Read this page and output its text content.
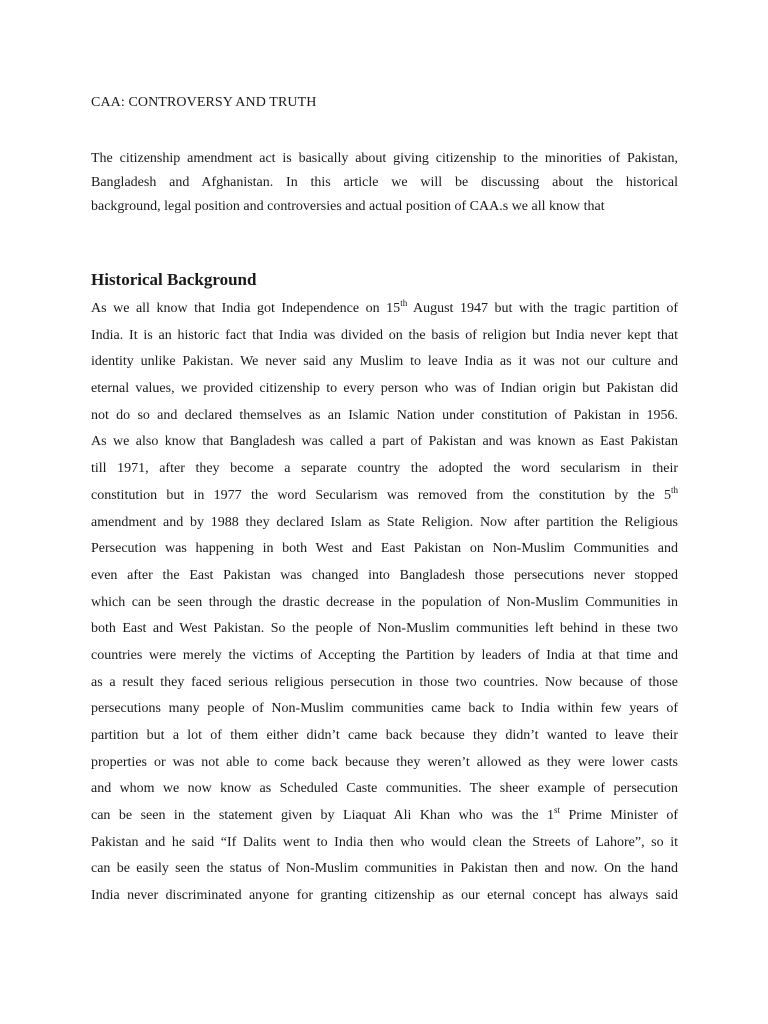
CAA: CONTROVERSY AND TRUTH
The citizenship amendment act is basically about giving citizenship to the minorities of Pakistan,
Bangladesh and Afghanistan. In this article we will be discussing about the historical
background, legal position and controversies and actual position of CAA.s we all know that
Historical Background
As we all know that India got Independence on 15th August 1947 but with the tragic partition of
India. It is an historic fact that India was divided on the basis of religion but India never kept that
identity unlike Pakistan. We never said any Muslim to leave India as it was not our culture and
eternal values, we provided citizenship to every person who was of Indian origin but Pakistan did
not do so and declared themselves as an Islamic Nation under constitution of Pakistan in 1956.
As we also know that Bangladesh was called a part of Pakistan and was known as East Pakistan
till 1971, after they become a separate country the adopted the word secularism in their
constitution but in 1977 the word Secularism was removed from the constitution by the 5th
amendment and by 1988 they declared Islam as State Religion. Now after partition the Religious
Persecution was happening in both West and East Pakistan on Non-Muslim Communities and
even after the East Pakistan was changed into Bangladesh those persecutions never stopped
which can be seen through the drastic decrease in the population of Non-Muslim Communities in
both East and West Pakistan. So the people of Non-Muslim communities left behind in these two
countries were merely the victims of Accepting the Partition by leaders of India at that time and
as a result they faced serious religious persecution in those two countries. Now because of those
persecutions many people of Non-Muslim communities came back to India within few years of
partition but a lot of them either didn’t came back because they didn’t wanted to leave their
properties or was not able to come back because they weren’t allowed as they were lower casts
and whom we now know as Scheduled Caste communities. The sheer example of persecution
can be seen in the statement given by Liaquat Ali Khan who was the 1st Prime Minister of
Pakistan and he said “If Dalits went to India then who would clean the Streets of Lahore”, so it
can be easily seen the status of Non-Muslim communities in Pakistan then and now. On the hand
India never discriminated anyone for granting citizenship as our eternal concept has always said
